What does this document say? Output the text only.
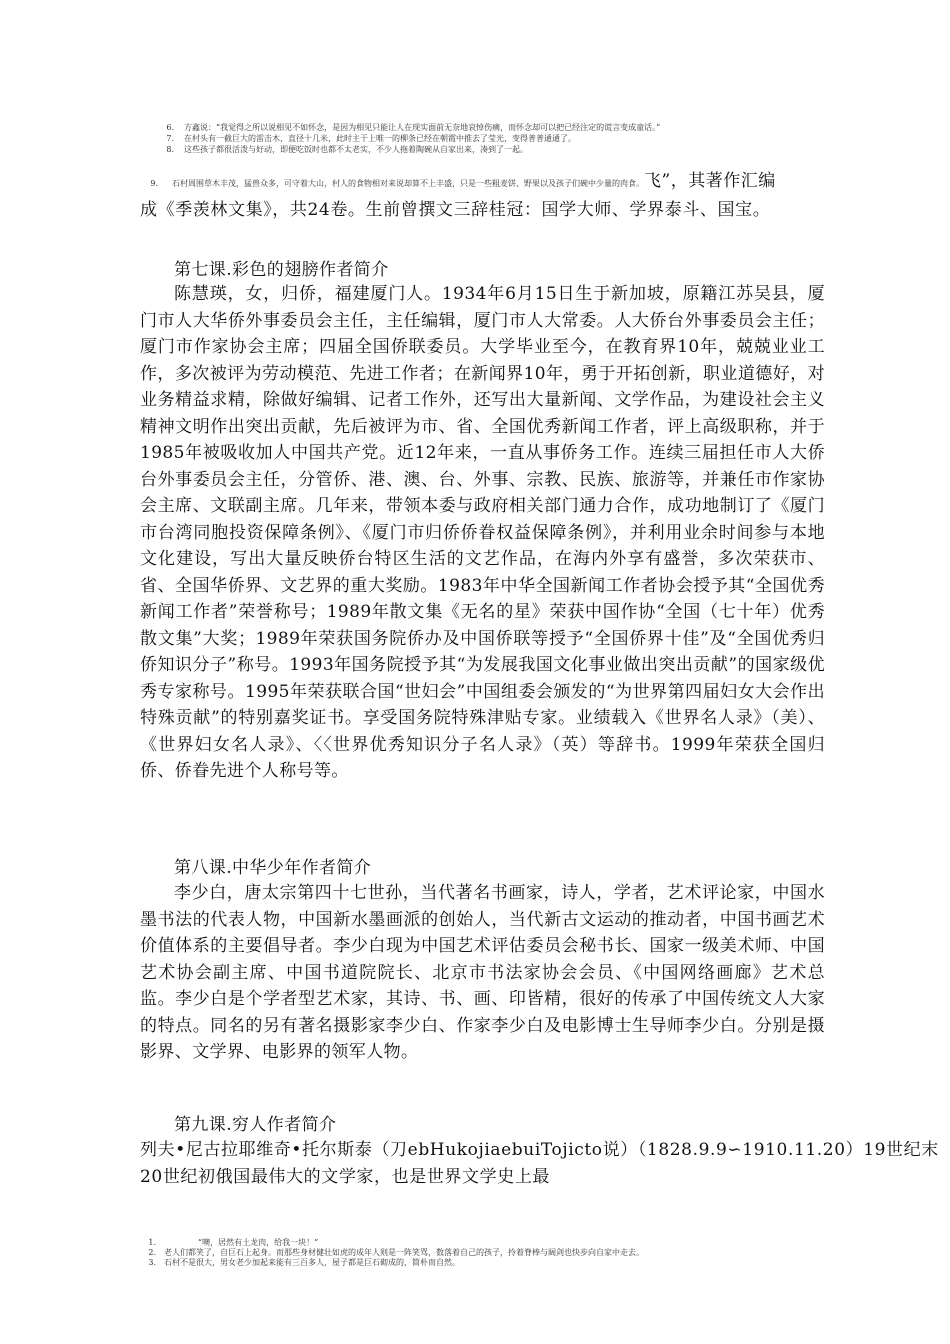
6. 方鑫说：“我觉得之所以说相见不如怀念，是因为相见只能让人在现实面前无奈地哀悼伤痛，而怀念却可以把已经注定的谎言变成童话。”
7. 在村头有一截巨大的雷击木，直径十几米，此时主干上唯一的柳条已经在朝霞中推去了莹光，变得普普通通了。
8. 这些孩子都很活泼与好动，即便吃饭时也都不太老实，不少人拖着陶碗从自家出来，凑到了一起。
9. 石村周围草木丰茂，猛兽众多，可守着大山，村人的食物相对来说却算不上丰盛，只是一些粗麦饼、野果以及孩子们碗中少量的肉食。飞”，其著作汇编
成《季羡林文集》，共24卷。生前曾撰文三辞桂冠：国学大师、学界泰斗、国宝。
第七课.彩色的翅膀作者简介
陈慧瑛，女，归侨，福建厦门人。1934年6月15日生于新加坡，原籍江苏吴县，厦门市人大华侨外事委员会主任，主任编辑，厦门市人大常委。人大侨台外事委员会主任；厦门市作家协会主席；四届全国侨联委员。大学毕业至今，在教育界10年，兢兢业业工作，多次被评为劳动模范、先进工作者；在新闻界10年，勇于开拓创新，职业道德好，对业务精益求精，除做好编辑、记者工作外，还写出大量新闻、文学作品，为建设社会主义精神文明作出突出贡献，先后被评为市、省、全国优秀新闻工作者，评上高级职称，并于1985年被吸收加人中国共产党。近12年来，一直从事侨务工作。连续三届担任市人大侨台外事委员会主任，分管侨、港、澳、台、外事、宗教、民族、旅游等，并兼任市作家协会主席、文联副主席。几年来，带领本委与政府相关部门通力合作，成功地制订了《厦门市台湾同胞投资保障条例》、《厦门市归侨侨眷权益保障条例》，并利用业余时间参与本地文化建设，写出大量反映侨台特区生活的文艺作品，在海内外享有盛誉，多次荣获市、省、全国华侨界、文艺界的重大奖励。1983年中华全国新闻工作者协会授予其“全国优秀新闻工作者”荣誉称号；1989年散文集《无名的星》荣获中国作协“全国（七十年）优秀散文集”大奖；1989年荣获国务院侨办及中国侨联等授予“全国侨界十佳”及“全国优秀归侨知识分子”称号。1993年国务院授予其“为发展我国文化事业做出突出贡献”的国家级优秀专家称号。1995年荣获联合国“世妇会”中国组委会颁发的“为世界第四届妇女大会作出特殊贡献”的特别嘉奖证书。享受国务院特殊津贴专家。业绩载入《世界名人录》（美）、《世界妇女名人录》、〈〈世界优秀知识分子名人录》（英）等辞书。1999年荣获全国归侨、侨眷先进个人称号等。
第八课.中华少年作者简介
李少白，唐太宗第四十七世孙，当代著名书画家，诗人，学者，艺术评论家，中国水墨书法的代表人物，中国新水墨画派的创始人，当代新古文运动的推动者，中国书画艺术价值体系的主要倡导者。李少白现为中国艺术评估委员会秘书长、国家一级美术师、中国艺术协会副主席、中国书道院院长、北京市书法家协会会员、《中国网络画廊》艺术总监。李少白是个学者型艺术家，其诗、书、画、印皆精，很好的传承了中国传统文人大家的特点。同名的另有著名摄影家李少白、作家李少白及电影博士生导师李少白。分别是摄影界、文学界、电影界的领军人物。
第九课.穷人作者简介
列夫•尼古拉耶维奇•托尔斯泰（刀ebHukojiaebuiTojicto说）（1828.9.9∽1910.11.20）19世纪末
20世纪初俄国最伟大的文学家，也是世界文学史上最
1.	“噢，居然有土龙肉，给我一块！”
2. 老人们都笑了，自巨石上起身。而那些身材健壮如虎的成年人则是一阵笑骂，数落着自己的孩子，拎着脊棒与阔剑也快步向自家中走去。
3. 石村不是很大，男女老少加起来能有三百多人，屋子都是巨石砌成的，简朴而自然。
